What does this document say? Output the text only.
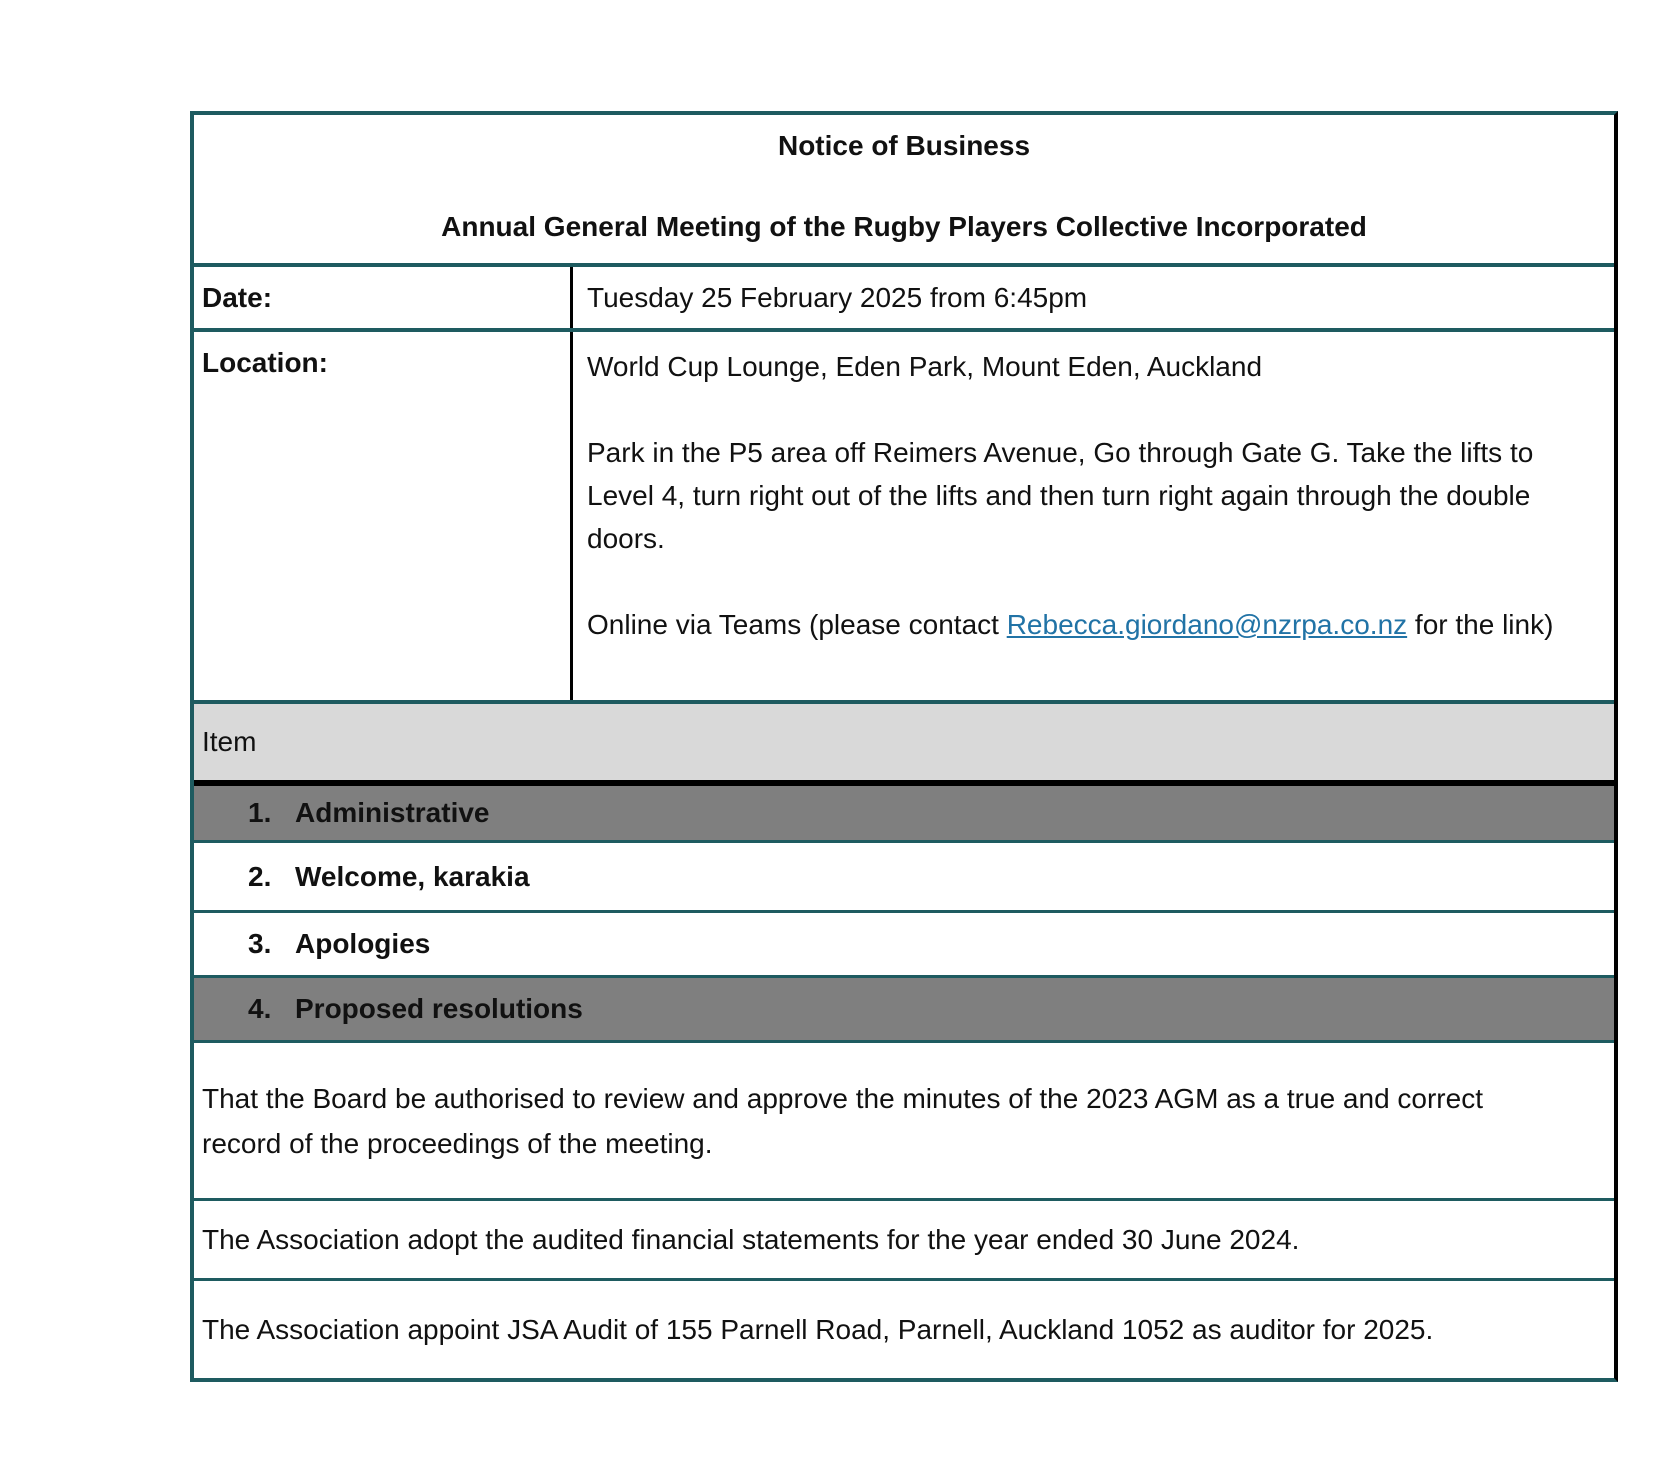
Notice of Business
Annual General Meeting of the Rugby Players Collective Incorporated
Date:	Tuesday 25 February 2025 from 6:45pm
Location:	World Cup Lounge, Eden Park, Mount Eden, Auckland

Park in the P5 area off Reimers Avenue, Go through Gate G. Take the lifts to Level 4, turn right out of the lifts and then turn right again through the double doors.

Online via Teams (please contact Rebecca.giordano@nzrpa.co.nz for the link)

Item
1. Administrative
2. Welcome, karakia
3. Apologies
4. Proposed resolutions
That the Board be authorised to review and approve the minutes of the 2023 AGM as a true and correct record of the proceedings of the meeting.
The Association adopt the audited financial statements for the year ended 30 June 2024.
The Association appoint JSA Audit of 155 Parnell Road, Parnell, Auckland 1052 as auditor for 2025.
